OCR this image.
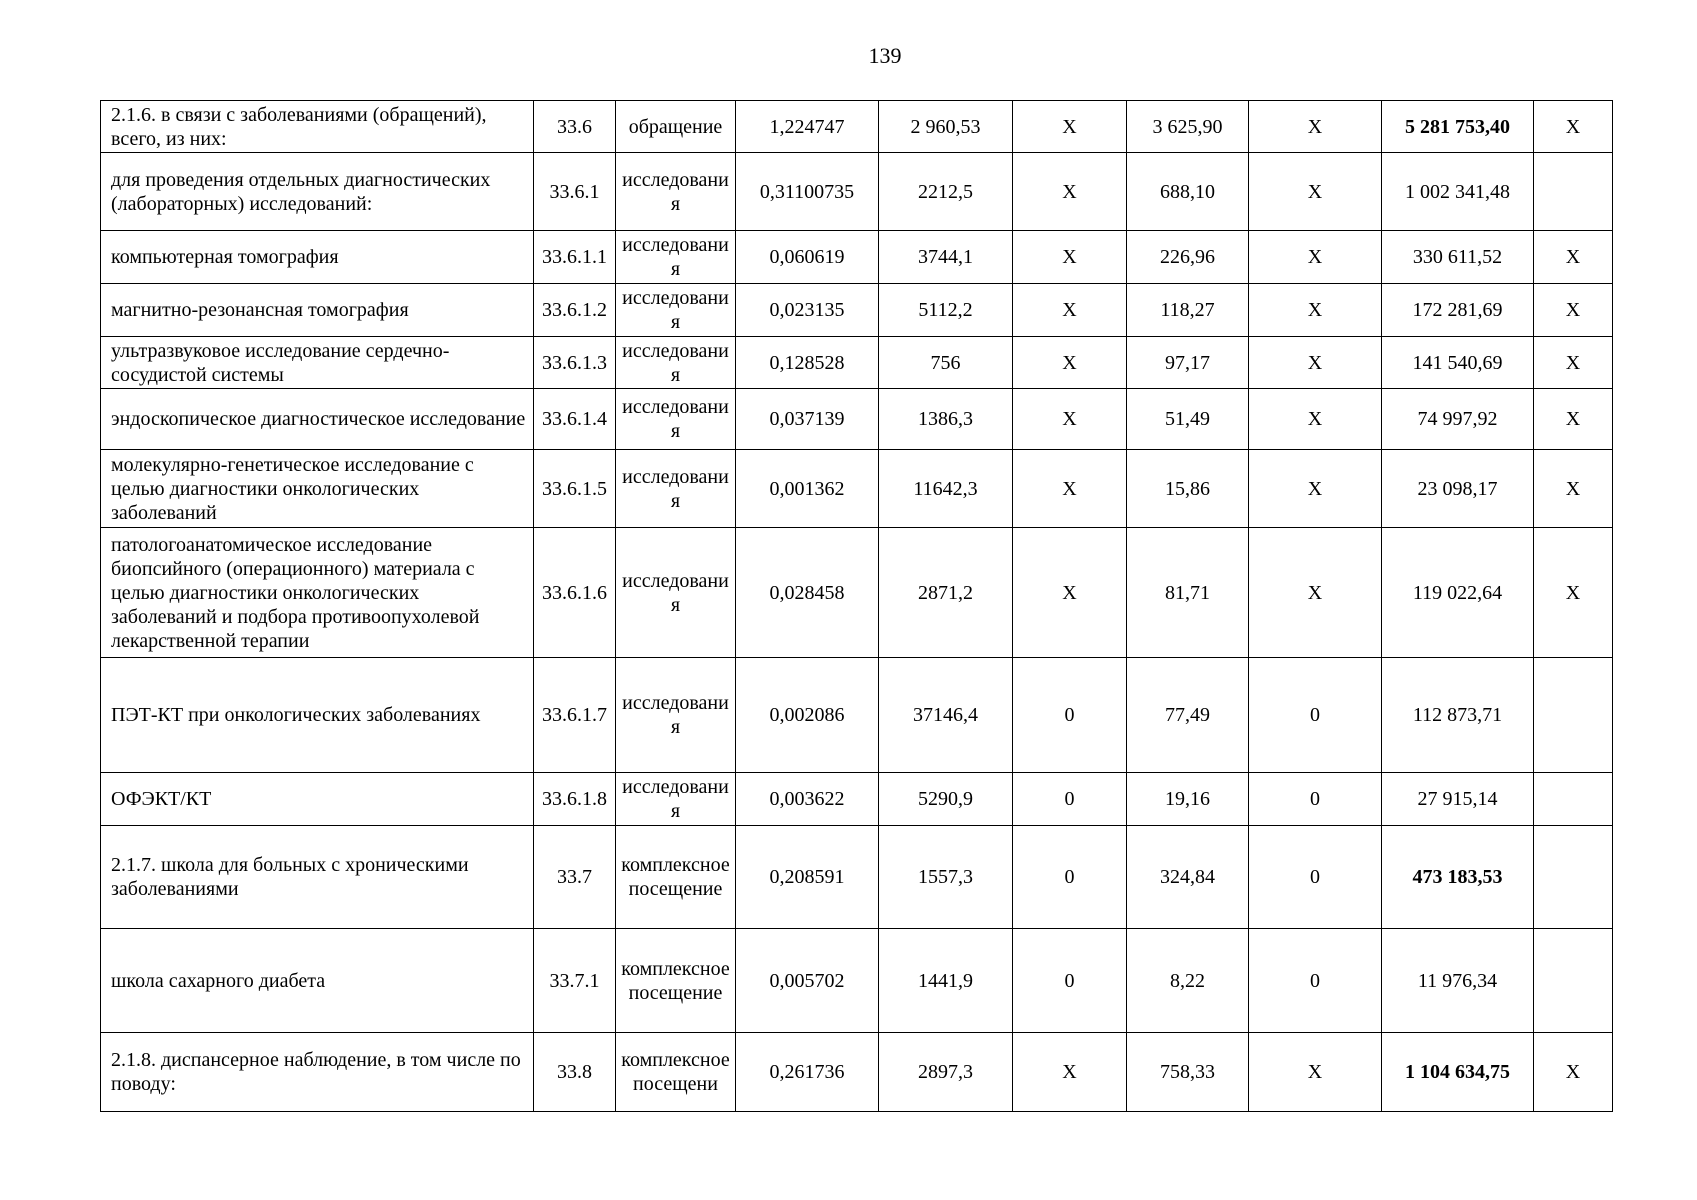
139
2.1.6. в связи с заболеваниями (обращений), всего, из них:	33.6	обращение	1,224747	2 960,53	Х	3 625,90	Х	5 281 753,40	Х
для проведения отдельных диагностических (лабораторных) исследований:	33.6.1	исследования	0,31100735	2212,5	Х	688,10	Х	1 002 341,48	
компьютерная томография	33.6.1.1	исследования	0,060619	3744,1	Х	226,96	Х	330 611,52	Х
магнитно-резонансная томография	33.6.1.2	исследования	0,023135	5112,2	Х	118,27	Х	172 281,69	Х
ультразвуковое исследование сердечно-сосудистой системы	33.6.1.3	исследования	0,128528	756	Х	97,17	Х	141 540,69	Х
эндоскопическое диагностическое исследование	33.6.1.4	исследования	0,037139	1386,3	Х	51,49	Х	74 997,92	Х
молекулярно-генетическое исследование с целью диагностики онкологических заболеваний	33.6.1.5	исследования	0,001362	11642,3	Х	15,86	Х	23 098,17	Х
патологоанатомическое исследование биопсийного (операционного) материала с целью диагностики онкологических заболеваний и подбора противоопухолевой лекарственной терапии	33.6.1.6	исследования	0,028458	2871,2	Х	81,71	Х	119 022,64	Х
ПЭТ-КТ при онкологических заболеваниях	33.6.1.7	исследования	0,002086	37146,4	0	77,49	0	112 873,71	
ОФЭКТ/КТ	33.6.1.8	исследования	0,003622	5290,9	0	19,16	0	27 915,14	
2.1.7. школа для больных с хроническими заболеваниями	33.7	комплексное посещение	0,208591	1557,3	0	324,84	0	473 183,53	
школа сахарного диабета	33.7.1	комплексное посещение	0,005702	1441,9	0	8,22	0	11 976,34	
2.1.8. диспансерное наблюдение, в том числе по поводу:	33.8	комплексное посещени	0,261736	2897,3	Х	758,33	Х	1 104 634,75	Х
